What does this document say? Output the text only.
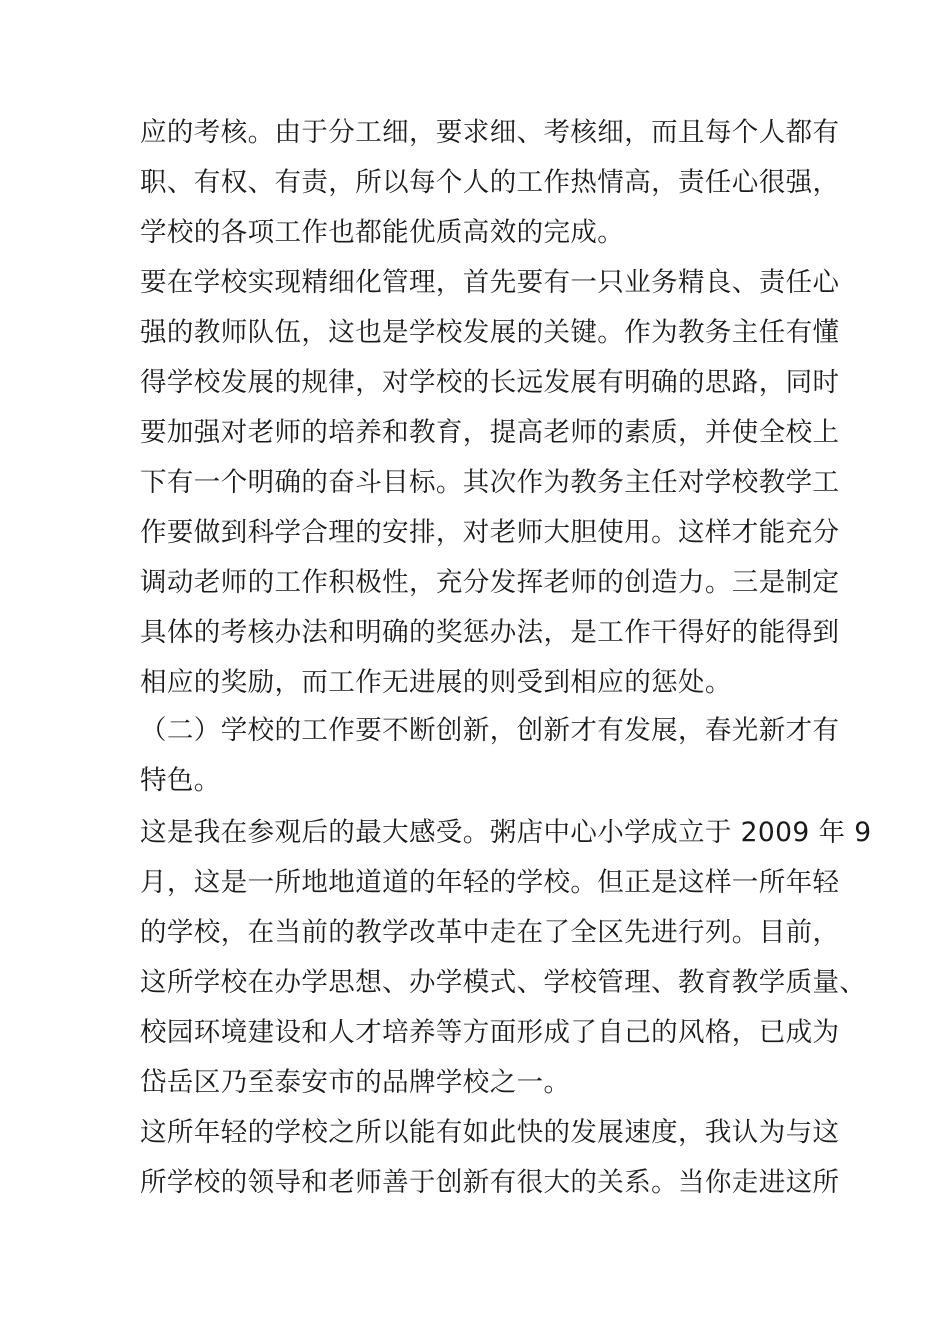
应的考核。由于分工细，要求细、考核细，而且每个人都有
职、有权、有责，所以每个人的工作热情高，责任心很强，
学校的各项工作也都能优质高效的完成。
要在学校实现精细化管理，首先要有一只业务精良、责任心
强的教师队伍，这也是学校发展的关键。作为教务主任有懂
得学校发展的规律，对学校的长远发展有明确的思路，同时
要加强对老师的培养和教育，提高老师的素质，并使全校上
下有一个明确的奋斗目标。其次作为教务主任对学校教学工
作要做到科学合理的安排，对老师大胆使用。这样才能充分
调动老师的工作积极性，充分发挥老师的创造力。三是制定
具体的考核办法和明确的奖惩办法，是工作干得好的能得到
相应的奖励，而工作无进展的则受到相应的惩处。
（二）学校的工作要不断创新，创新才有发展，春光新才有
特色。
这是我在参观后的最大感受。粥店中心小学成立于 2009 年 9
月，这是一所地地道道的年轻的学校。但正是这样一所年轻
的学校，在当前的教学改革中走在了全区先进行列。目前，
这所学校在办学思想、办学模式、学校管理、教育教学质量、
校园环境建设和人才培养等方面形成了自己的风格，已成为
岱岳区乃至泰安市的品牌学校之一。
这所年轻的学校之所以能有如此快的发展速度，我认为与这
所学校的领导和老师善于创新有很大的关系。当你走进这所
